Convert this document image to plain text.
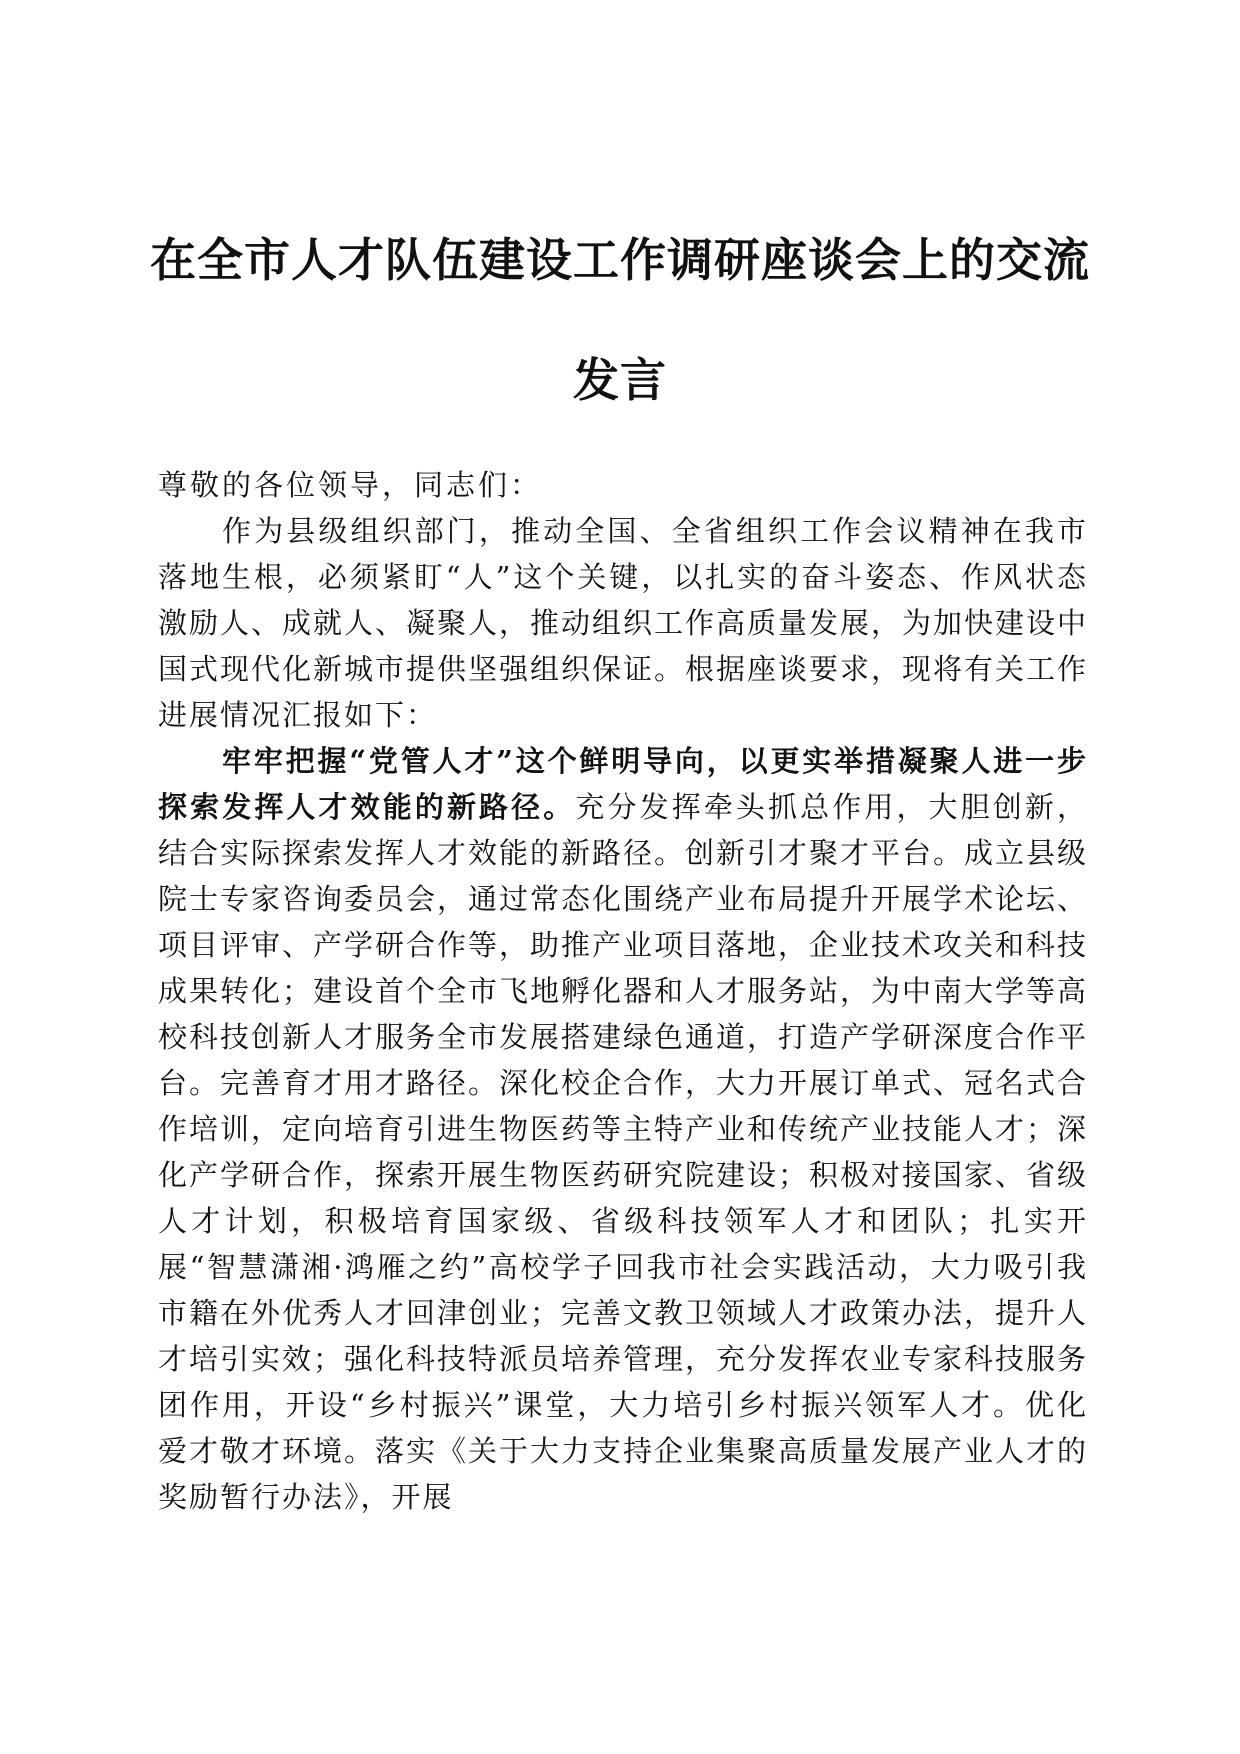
在全市人才队伍建设工作调研座谈会上的交流
发言

尊敬的各位领导，同志们：

作为县级组织部门，推动全国、全省组织工作会议精神在我市落地生根，必须紧盯“人”这个关键，以扎实的奋斗姿态、作风状态激励人、成就人、凝聚人，推动组织工作高质量发展，为加快建设中国式现代化新城市提供坚强组织保证。根据座谈要求，现将有关工作进展情况汇报如下：

牢牢把握“党管人才”这个鲜明导向，以更实举措凝聚人进一步探索发挥人才效能的新路径。充分发挥牵头抓总作用，大胆创新，结合实际探索发挥人才效能的新路径。创新引才聚才平台。成立县级院士专家咨询委员会，通过常态化围绕产业布局提升开展学术论坛、项目评审、产学研合作等，助推产业项目落地，企业技术攻关和科技成果转化；建设首个全市飞地孵化器和人才服务站，为中南大学等高校科技创新人才服务全市发展搭建绿色通道，打造产学研深度合作平台。完善育才用才路径。深化校企合作，大力开展订单式、冠名式合作培训，定向培育引进生物医药等主特产业和传统产业技能人才；深化产学研合作，探索开展生物医药研究院建设；积极对接国家、省级人才计划，积极培育国家级、省级科技领军人才和团队；扎实开展“智慧潇湘·鸿雁之约”高校学子回我市社会实践活动，大力吸引我市籍在外优秀人才回津创业；完善文教卫领域人才政策办法，提升人才培引实效；强化科技特派员培养管理，充分发挥农业专家科技服务团作用，开设“乡村振兴”课堂，大力培引乡村振兴领军人才。优化爱才敬才环境。落实《关于大力支持企业集聚高质量发展产业人才的奖励暂行办法》，开展
